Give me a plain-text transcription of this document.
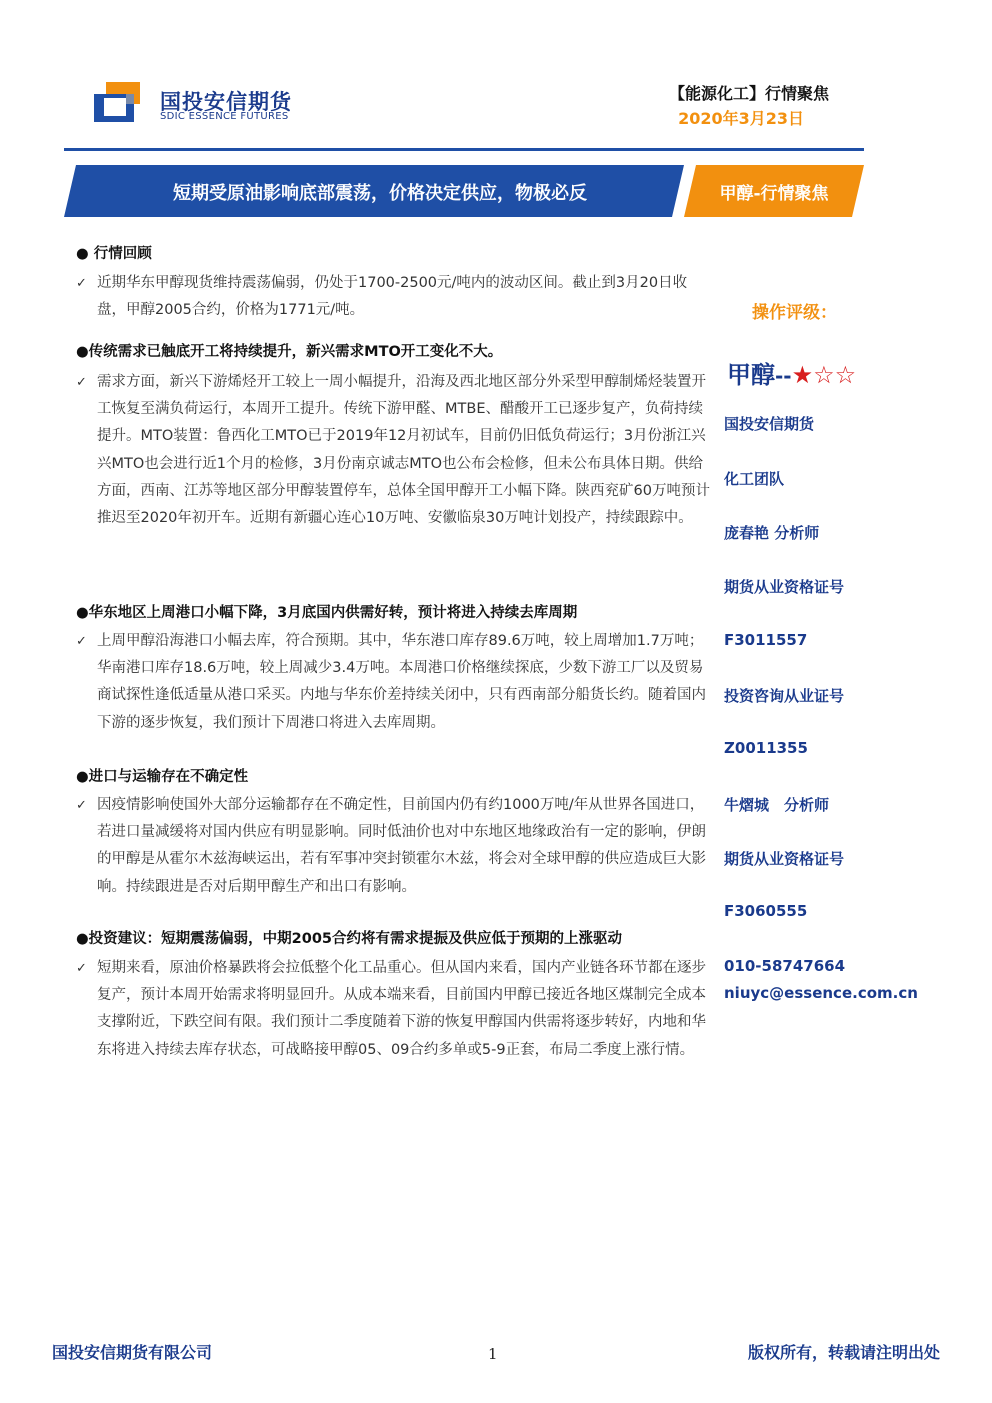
国投安信期货
SDIC ESSENCE FUTURES
【能源化工】行情聚焦
2020年3月23日
短期受原油影响底部震荡，价格决定供应，物极必反	甲醇-行情聚焦
● 行情回顾
✓ 近期华东甲醇现货维持震荡偏弱，仍处于1700-2500元/吨内的波动区间。截止到3月20日收盘，甲醇2005合约，价格为1771元/吨。
●传统需求已触底开工将持续提升，新兴需求MTO开工变化不大。
✓ 需求方面，新兴下游烯烃开工较上一周小幅提升，沿海及西北地区部分外采型甲醇制烯烃装置开工恢复至满负荷运行，本周开工提升。传统下游甲醛、MTBE、醋酸开工已逐步复产，负荷持续提升。MTO装置：鲁西化工MTO已于2019年12月初试车，目前仍旧低负荷运行；3月份浙江兴兴MTO也会进行近1个月的检修，3月份南京诚志MTO也公布会检修，但未公布具体日期。供给方面，西南、江苏等地区部分甲醇装置停车，总体全国甲醇开工小幅下降。陕西兖矿60万吨预计推迟至2020年初开车。近期有新疆心连心10万吨、安徽临泉30万吨计划投产，持续跟踪中。
●华东地区上周港口小幅下降，3月底国内供需好转，预计将进入持续去库周期
✓ 上周甲醇沿海港口小幅去库，符合预期。其中，华东港口库存89.6万吨，较上周增加1.7万吨；华南港口库存18.6万吨，较上周减少3.4万吨。本周港口价格继续探底，少数下游工厂以及贸易商试探性逢低适量从港口采买。内地与华东价差持续关闭中，只有西南部分船货长约。随着国内下游的逐步恢复，我们预计下周港口将进入去库周期。
●进口与运输存在不确定性
✓ 因疫情影响使国外大部分运输都存在不确定性，目前国内仍有约1000万吨/年从世界各国进口，若进口量减缓将对国内供应有明显影响。同时低油价也对中东地区地缘政治有一定的影响，伊朗的甲醇是从霍尔木兹海峡运出，若有军事冲突封锁霍尔木兹，将会对全球甲醇的供应造成巨大影响。持续跟进是否对后期甲醇生产和出口有影响。
●投资建议：短期震荡偏弱，中期2005合约将有需求提振及供应低于预期的上涨驱动
✓ 短期来看，原油价格暴跌将会拉低整个化工品重心。但从国内来看，国内产业链各环节都在逐步复产，预计本周开始需求将明显回升。从成本端来看，目前国内甲醇已接近各地区煤制完全成本支撑附近，下跌空间有限。我们预计二季度随着下游的恢复甲醇国内供需将逐步转好，内地和华东将进入持续去库存状态，可战略接甲醇05、09合约多单或5-9正套，布局二季度上涨行情。
操作评级：
甲醇--★☆☆
国投安信期货
化工团队
庞春艳 分析师
期货从业资格证号
F3011557
投资咨询从业证号
Z0011355
牛熠城　分析师
期货从业资格证号
F3060555
010-58747664
niuyc@essence.com.cn
国投安信期货有限公司	1	版权所有，转载请注明出处
